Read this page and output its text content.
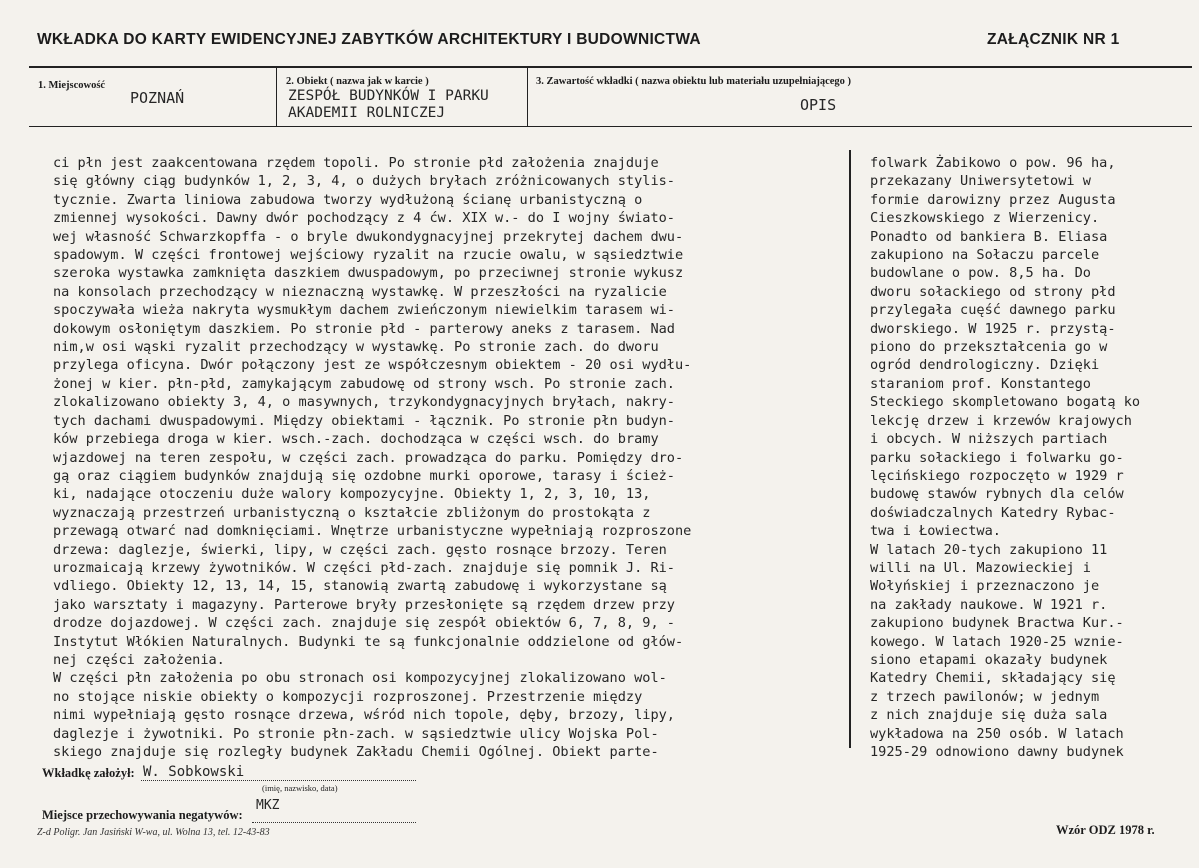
WKŁADKA DO KARTY EWIDENCYJNEJ ZABYTKÓW ARCHITEKTURY I BUDOWNICTWA	ZAŁĄCZNIK NR 1
1. Miejscowość
POZNAŃ
2. Obiekt ( nazwa jak w karcie )
ZESPÓŁ BUDYNKÓW I PARKU
AKADEMII ROLNICZEJ
3. Zawartość wkładki ( nazwa obiektu lub materiału uzupełniającego )
OPIS
ci płn jest zaakcentowana rzędem topoli. Po stronie płd założenia znajduje
się główny ciąg budynków 1, 2, 3, 4, o dużych bryłach zróżnicowanych stylis-
tycznie. Zwarta liniowa zabudowa tworzy wydłużoną ścianę urbanistyczną o
zmiennej wysokości. Dawny dwór pochodzący z 4 ćw. XIX w.- do I wojny świato-
wej własność Schwarzkopffa - o bryle dwukondygnacyjnej przekrytej dachem dwu-
spadowym. W części frontowej wejściowy ryzalit na rzucie owalu, w sąsiedztwie
szeroka wystawka zamknięta daszkiem dwuspadowym, po przeciwnej stronie wykusz
na konsolach przechodzący w nieznaczną wystawkę. W przeszłości na ryzalicie
spoczywała wieża nakryta wysmukłym dachem zwieńczonym niewielkim tarasem wi-
dokowym osłoniętym daszkiem. Po stronie płd - parterowy aneks z tarasem. Nad
nim,w osi wąski ryzalit przechodzący w wystawkę. Po stronie zach. do dworu
przylega oficyna. Dwór połączony jest ze współczesnym obiektem - 20 osi wydłu-
żonej w kier. płn-płd, zamykającym zabudowę od strony wsch. Po stronie zach.
zlokalizowano obiekty 3, 4, o masywnych, trzykondygnacyjnych bryłach, nakry-
tych dachami dwuspadowymi. Między obiektami - łącznik. Po stronie płn budyn-
ków przebiega droga w kier. wsch.-zach. dochodząca w części wsch. do bramy
wjazdowej na teren zespołu, w części zach. prowadząca do parku. Pomiędzy dro-
gą oraz ciągiem budynków znajdują się ozdobne murki oporowe, tarasy i ścież-
ki, nadające otoczeniu duże walory kompozycyjne. Obiekty 1, 2, 3, 10, 13,
wyznaczają przestrzeń urbanistyczną o kształcie zbliżonym do prostokąta z
przewagą otwarć nad domknięciami. Wnętrze urbanistyczne wypełniają rozproszone
drzewa: daglezje, świerki, lipy, w części zach. gęsto rosnące brzozy. Teren
urozmaicają krzewy żywotników. W części płd-zach. znajduje się pomnik J. Ri-
vdliego. Obiekty 12, 13, 14, 15, stanowią zwartą zabudowę i wykorzystane są
jako warsztaty i magazyny. Parterowe bryły przesłonięte są rzędem drzew przy
drodze dojazdowej. W części zach. znajduje się zespół obiektów 6, 7, 8, 9, -
Instytut Włókien Naturalnych. Budynki te są funkcjonalnie oddzielone od głów-
nej części założenia.
W części płn założenia po obu stronach osi kompozycyjnej zlokalizowano wol-
no stojące niskie obiekty o kompozycji rozproszonej. Przestrzenie między
nimi wypełniają gęsto rosnące drzewa, wśród nich topole, dęby, brzozy, lipy,
daglezje i żywotniki. Po stronie płn-zach. w sąsiedztwie ulicy Wojska Pol-
skiego znajduje się rozległy budynek Zakładu Chemii Ogólnej. Obiekt parte-
folwark Żabikowo o pow. 96 ha,
przekazany Uniwersytetowi w
formie darowizny przez Augusta
Cieszkowskiego z Wierzenicy.
Ponadto od bankiera B. Eliasa
zakupiono na Sołaczu parcele
budowlane o pow. 8,5 ha. Do
dworu sołackiego od strony płd
przylegała cuęść dawnego parku
dworskiego. W 1925 r. przystą-
piono do przekształcenia go w
ogród dendrologiczny. Dzięki
staraniom prof. Konstantego
Steckiego skompletowano bogatą ko
lekcję drzew i krzewów krajowych
i obcych. W niższych partiach
parku sołackiego i folwarku go-
lęcińskiego rozpoczęto w 1929 r
budowę stawów rybnych dla celów
doświadczalnych Katedry Rybac-
twa i Łowiectwa.
W latach 20-tych zakupiono 11
willi na Ul. Mazowieckiej i
Wołyńskiej i przeznaczono je
na zakłady naukowe. W 1921 r.
zakupiono budynek Bractwa Kur.-
kowego. W latach 1920-25 wznie-
siono etapami okazały budynek
Katedry Chemii, składający się
z trzech pawilonów; w jednym
z nich znajduje się duża sala
wykładowa na 250 osób. W latach
1925-29 odnowiono dawny budynek
Wkładkę założył: W. Sobkowski
(imię, nazwisko, data)
Miejsce przechowywania negatywów:
MKZ
Z-d Poligr. Jan Jasiński W-wa, ul. Wolna 13, tel. 12-43-83	Wzór ODZ 1978 r.
